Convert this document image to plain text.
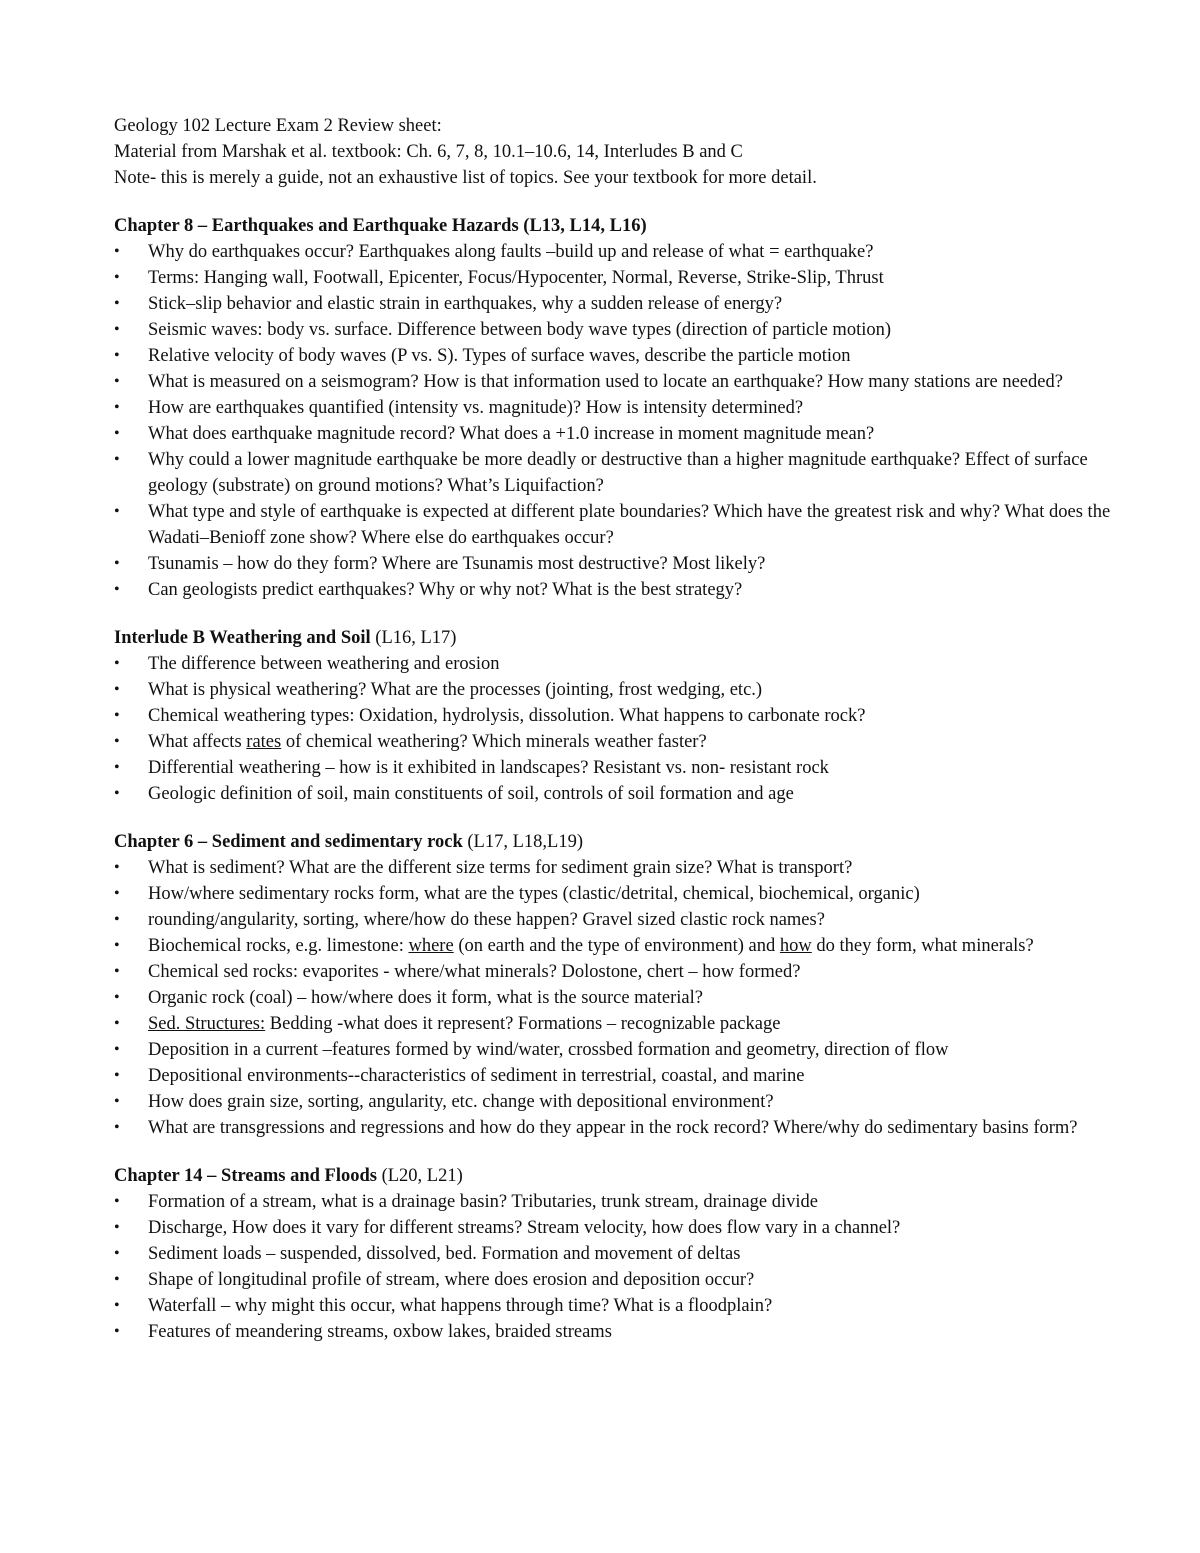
Geology 102 Lecture Exam 2 Review sheet:

Material from Marshak et al. textbook: Ch. 6, 7, 8, 10.1–10.6, 14, Interludes B and C

Note- this is merely a guide, not an exhaustive list of topics. See your textbook for more detail.

Chapter 8 – Earthquakes and Earthquake Hazards (L13, L14, L16)

• Why do earthquakes occur? Earthquakes along faults –build up and release of what = earthquake?
• Terms: Hanging wall, Footwall, Epicenter, Focus/Hypocenter, Normal, Reverse, Strike-Slip, Thrust
• Stick–slip behavior and elastic strain in earthquakes, why a sudden release of energy?
• Seismic waves: body vs. surface. Difference between body wave types (direction of particle motion)
• Relative velocity of body waves (P vs. S). Types of surface waves, describe the particle motion
• What is measured on a seismogram? How is that information used to locate an earthquake? How many stations are needed?
• How are earthquakes quantified (intensity vs. magnitude)? How is intensity determined?
• What does earthquake magnitude record? What does a +1.0 increase in moment magnitude mean?
• Why could a lower magnitude earthquake be more deadly or destructive than a higher magnitude earthquake? Effect of surface geology (substrate) on ground motions? What’s Liquifaction?
• What type and style of earthquake is expected at different plate boundaries? Which have the greatest risk and why? What does the Wadati–Benioff zone show? Where else do earthquakes occur?
• Tsunamis – how do they form? Where are Tsunamis most destructive? Most likely?
• Can geologists predict earthquakes? Why or why not? What is the best strategy?

Interlude B Weathering and Soil (L16, L17)

• The difference between weathering and erosion
• What is physical weathering? What are the processes (jointing, frost wedging, etc.)
• Chemical weathering types: Oxidation, hydrolysis, dissolution. What happens to carbonate rock?
• What affects rates of chemical weathering? Which minerals weather faster?
• Differential weathering – how is it exhibited in landscapes? Resistant vs. non- resistant rock
• Geologic definition of soil, main constituents of soil, controls of soil formation and age

Chapter 6 – Sediment and sedimentary rock (L17, L18,L19)

• What is sediment? What are the different size terms for sediment grain size? What is transport?
• How/where sedimentary rocks form, what are the types (clastic/detrital, chemical, biochemical, organic)
• rounding/angularity, sorting, where/how do these happen? Gravel sized clastic rock names?
• Biochemical rocks, e.g. limestone: where (on earth and the type of environment) and how do they form, what minerals?
• Chemical sed rocks: evaporites - where/what minerals? Dolostone, chert – how formed?
• Organic rock (coal) – how/where does it form, what is the source material?
• Sed. Structures: Bedding -what does it represent? Formations – recognizable package
• Deposition in a current –features formed by wind/water, crossbed formation and geometry, direction of flow
• Depositional environments--characteristics of sediment in terrestrial, coastal, and marine
• How does grain size, sorting, angularity, etc. change with depositional environment?
• What are transgressions and regressions and how do they appear in the rock record? Where/why do sedimentary basins form?

Chapter 14 – Streams and Floods (L20, L21)

• Formation of a stream, what is a drainage basin? Tributaries, trunk stream, drainage divide
• Discharge, How does it vary for different streams? Stream velocity, how does flow vary in a channel?
• Sediment loads – suspended, dissolved, bed. Formation and movement of deltas
• Shape of longitudinal profile of stream, where does erosion and deposition occur?
• Waterfall – why might this occur, what happens through time? What is a floodplain?
• Features of meandering streams, oxbow lakes, braided streams
